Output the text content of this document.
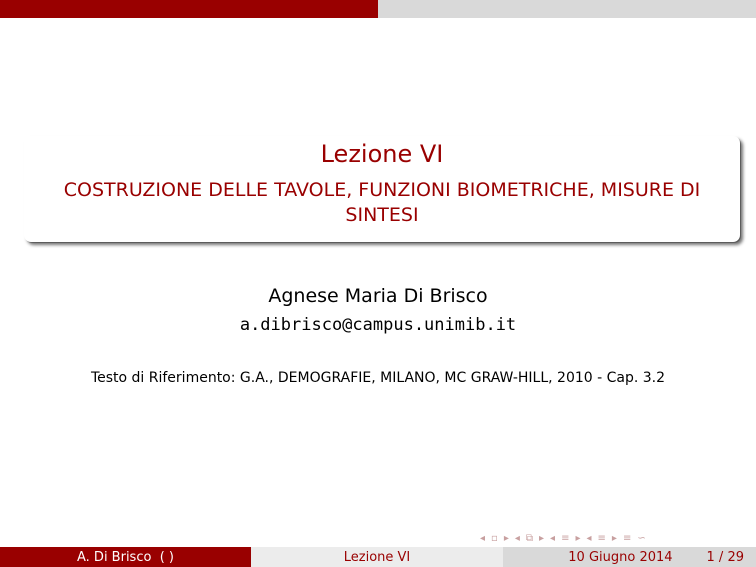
Lezione VI
COSTRUZIONE DELLE TAVOLE, FUNZIONI BIOMETRICHE, MISURE DI SINTESI
Agnese Maria Di Brisco
a.dibrisco@campus.unimib.it
Testo di Riferimento: G.A., DEMOGRAFIE, MILANO, MC GRAW-HILL, 2010 - Cap. 3.2
◂ ▫ ▸ ◂ ⧉ ▸ ◂ ≡ ▸ ◂ ≡ ▸ ≡ ∽
A. Di Brisco  ( )	Lezione VI	10 Giugno 2014	1 / 29
